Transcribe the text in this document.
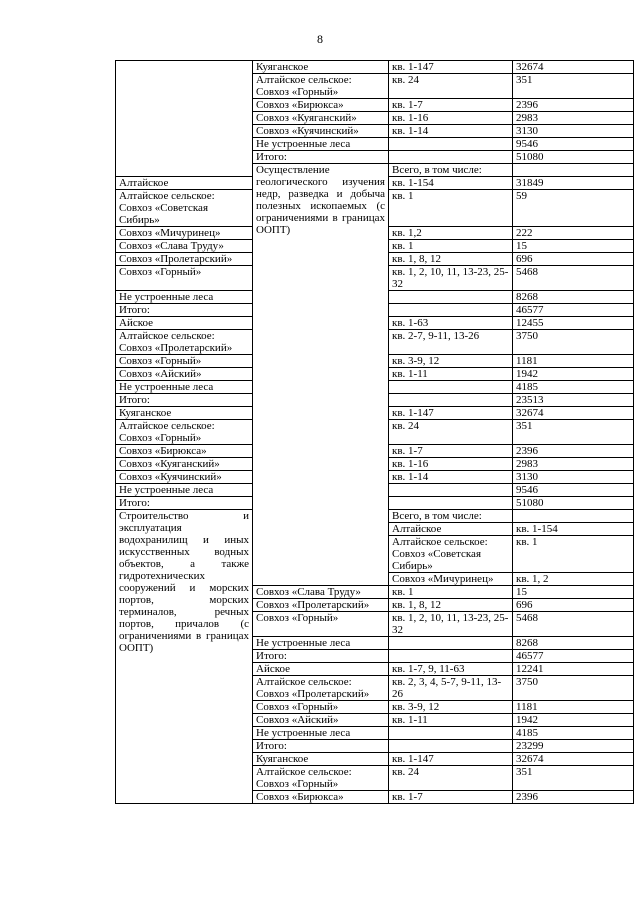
8
	Куяганское	кв. 1-147	32674	
	Алтайское сельское: Совхоз «Горный»	кв. 24	351	
	Совхоз «Бирюкса»	кв. 1-7	2396	
	Совхоз «Куяганский»	кв. 1-16	2983	
	Совхоз «Куячинский»	кв. 1-14	3130	
	Не устроенные леса		9546	
	Итого:		51080	
	Осуществление геологического изучения недр, разведка и добыча полезных ископаемых (с ограничениями в границах ООПТ)	Всего, в том числе:		
Алтайское		кв. 1-154	31849	
Алтайское сельское: Совхоз «Советская Сибирь»		кв. 1	59	
Совхоз «Мичуринец»		кв. 1,2	222	
Совхоз «Слава Труду»		кв. 1	15	
Совхоз «Пролетарский»		кв. 1, 8, 12	696	
Совхоз «Горный»		кв. 1, 2, 10, 11, 13-23, 25-32	5468	
Не устроенные леса			8268	
Итого:			46577	
Айское		кв. 1-63	12455	
Алтайское сельское: Совхоз «Пролетарский»		кв. 2-7, 9-11, 13-26	3750	
Совхоз «Горный»		кв. 3-9, 12	1181	
Совхоз «Айский»		кв. 1-11	1942	
Не устроенные леса			4185	
Итого:			23513	
Куяганское		кв. 1-147	32674	
Алтайское сельское: Совхоз «Горный»		кв. 24	351	
Совхоз «Бирюкса»		кв. 1-7	2396	
Совхоз «Куяганский»		кв. 1-16	2983	
Совхоз «Куячинский»		кв. 1-14	3130	
Не устроенные леса			9546	
Итого:			51080	
Строительство и эксплуатация водохранилищ и иных искусственных водных объектов, а также гидротехнических сооружений и морских портов, морских терминалов, речных портов, причалов (с ограничениями в границах ООПТ)		Всего, в том числе:		
		Алтайское	кв. 1-154	
		Алтайское сельское: Совхоз «Советская Сибирь»	кв. 1	
		Совхоз «Мичуринец»	кв. 1, 2	
	Совхоз «Слава Труду»	кв. 1	15	
	Совхоз «Пролетарский»	кв. 1, 8, 12	696	
	Совхоз «Горный»	кв. 1, 2, 10, 11, 13-23, 25-32	5468	
	Не устроенные леса		8268	
	Итого:		46577	
	Айское	кв. 1-7, 9, 11-63	12241	
	Алтайское сельское: Совхоз «Пролетарский»	кв. 2, 3, 4, 5-7, 9-11, 13-26	3750	
	Совхоз «Горный»	кв. 3-9, 12	1181	
	Совхоз «Айский»	кв. 1-11	1942	
	Не устроенные леса		4185	
	Итого:		23299	
	Куяганское	кв. 1-147	32674	
	Алтайское сельское: Совхоз «Горный»	кв. 24	351	
	Совхоз «Бирюкса»	кв. 1-7	2396	
